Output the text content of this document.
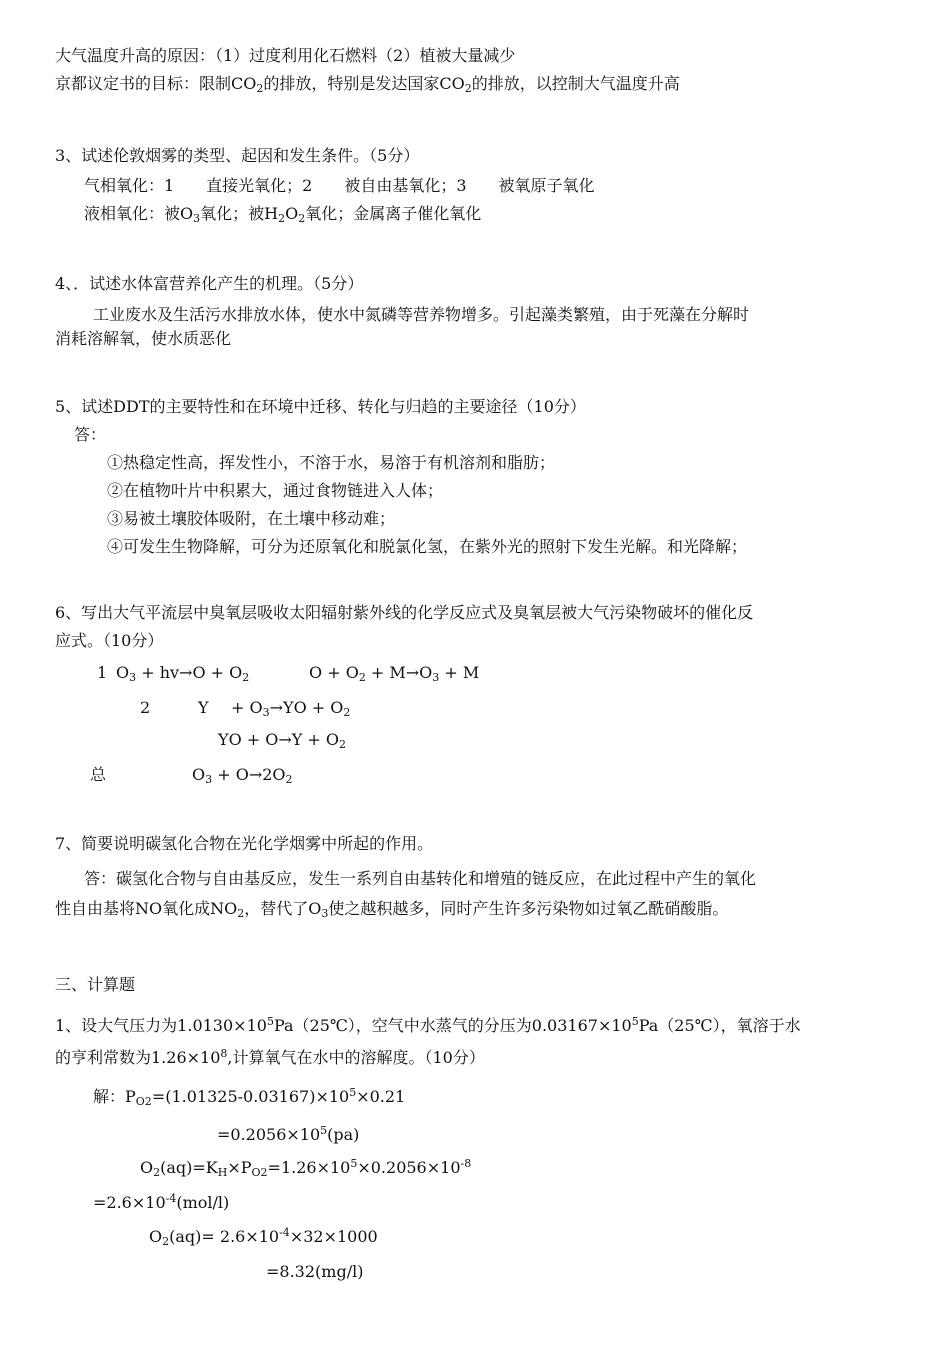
大气温度升高的原因：（1）过度利用化石燃料（2）植被大量减少
京都议定书的目标：限制$CO_2$的排放，特别是发达国家$CO_2$的排放，以控制大气温度升高
3、试述伦敦烟雾的类型、起因和发生条件。（5分）
气相氧化：1　　直接光氧化；2　　被自由基氧化；3　　被氧原子氧化
液相氧化：被$O_3$氧化；被$H_2O_2$氧化；金属离子催化氧化
4、．试述水体富营养化产生的机理。（5分）
工业废水及生活污水排放水体，使水中氮磷等营养物增多。引起藻类繁殖，由于死藻在分解时
消耗溶解氧，使水质恶化
5、试述DDT的主要特性和在环境中迁移、转化与归趋的主要途径（10分）
答：
①热稳定性高，挥发性小，不溶于水，易溶于有机溶剂和脂肪；
②在植物叶片中积累大，通过食物链进入人体；
③易被土壤胶体吸附，在土壤中移动难；
④可发生生物降解，可分为还原氧化和脱氯化氢，在紫外光的照射下发生光解。和光降解；
6、写出大气平流层中臭氧层吸收太阳辐射紫外线的化学反应式及臭氧层被大气污染物破坏的催化反
应式。（10分）
1 $O_3 + hv\to O + O_2$	$O + O_2 + M\to O_3 + M$
2	$Y + O_3\to YO + O_2$
YO + $O\to Y + O_2$
总	$O_3 + O\to 2O_2$
7、简要说明碳氢化合物在光化学烟雾中所起的作用。
答：碳氢化合物与自由基反应，发生一系列自由基转化和增殖的链反应，在此过程中产生的氧化
性自由基将NO氧化成$NO_2$，替代了$O_3$使之越积越多，同时产生许多污染物如过氧乙酰硝酸脂。
三、计算题
1、设大气压力为$1.0130\times 10^5Pa(25℃)$，空气中水蒸气的分压为$0.03167\times 10^5Pa(25℃)$，氧溶于水
的亨利常数为$1.26\times 10^8$,计算氧气在水中的溶解度。（10分）
解：$P_{O2}=(1.01325-0.03167)\times 10^5\times 0.21$
$=0.2056\times 10^5(pa)$
$O_2(aq)=K_H\times P_{O2}=1.26\times 10^5\times 0.2056\times 10^{-8}$
$=2.6\times 10^{-4}(mol/l)$
$O_2(aq)= 2.6\times 10^{-4}\times 32\times 1000$
=8.32(mg/l)
